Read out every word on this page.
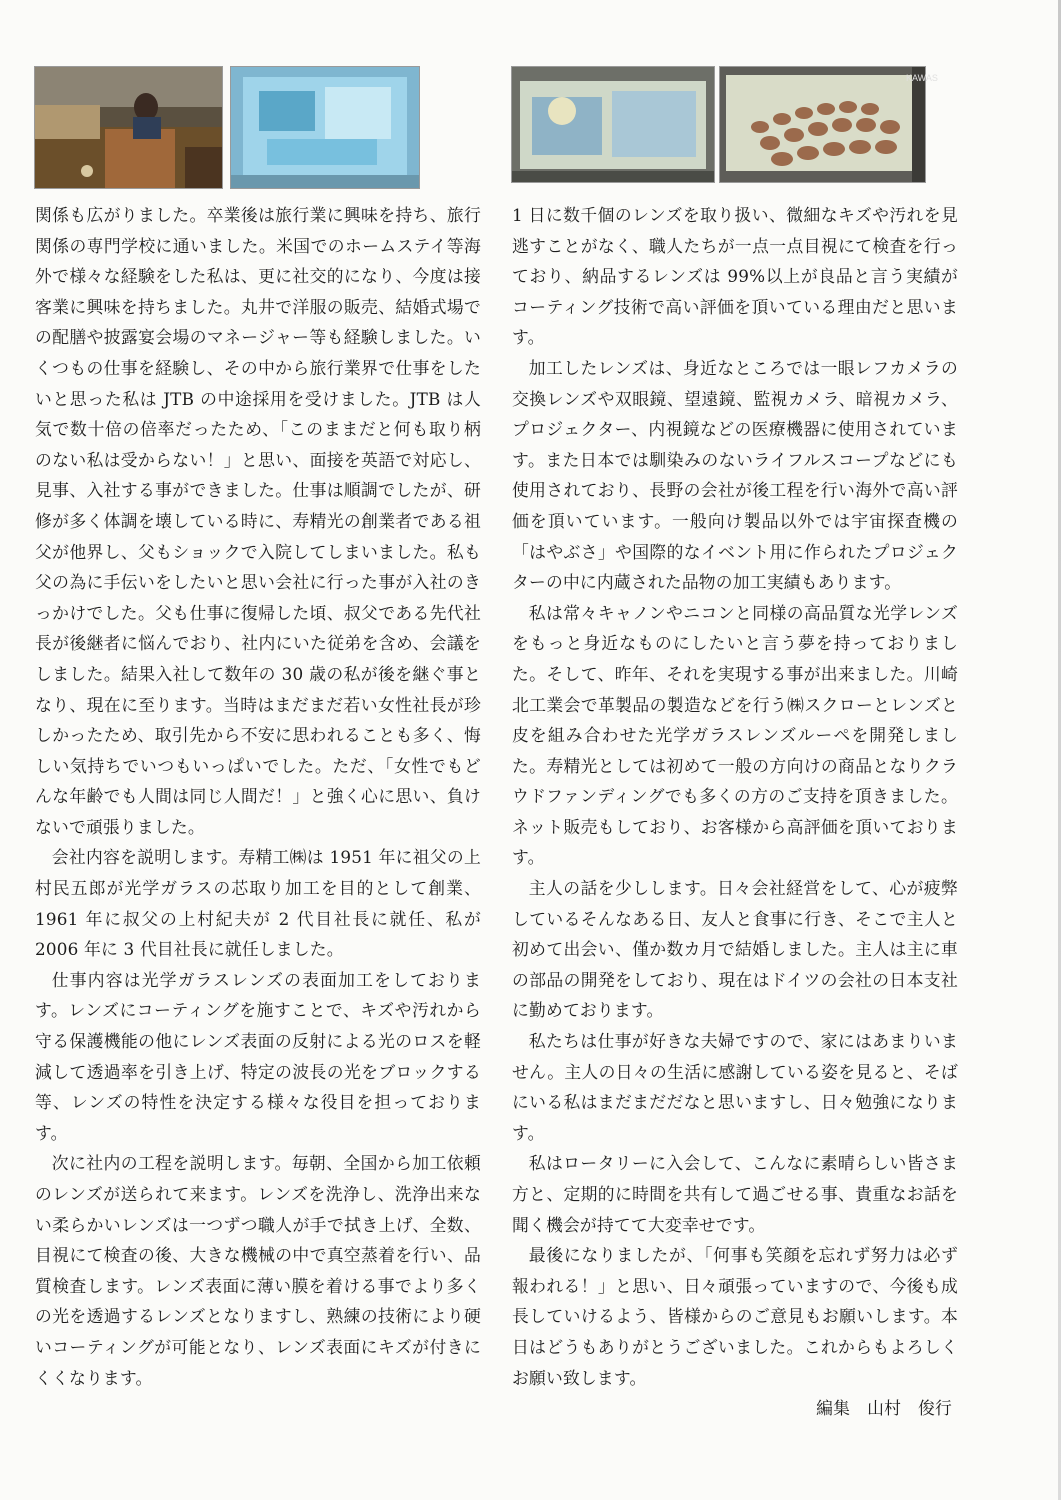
KAWAS

関係も広がりました。卒業後は旅行業に興味を持ち、旅行関係の専門学校に通いました。米国でのホームステイ等海外で様々な経験をした私は、更に社交的になり、今度は接客業に興味を持ちました。丸井で洋服の販売、結婚式場での配膳や披露宴会場のマネージャー等も経験しました。いくつもの仕事を経験し、その中から旅行業界で仕事をしたいと思った私は JTB の中途採用を受けました。JTB は人気で数十倍の倍率だったため、「このままだと何も取り柄のない私は受からない！」と思い、面接を英語で対応し、見事、入社する事ができました。仕事は順調でしたが、研修が多く体調を壊している時に、寿精光の創業者である祖父が他界し、父もショックで入院してしまいました。私も父の為に手伝いをしたいと思い会社に行った事が入社のきっかけでした。父も仕事に復帰した頃、叔父である先代社長が後継者に悩んでおり、社内にいた従弟を含め、会議をしました。結果入社して数年の 30 歳の私が後を継ぐ事となり、現在に至ります。当時はまだまだ若い女性社長が珍しかったため、取引先から不安に思われることも多く、悔しい気持ちでいつもいっぱいでした。ただ、「女性でもどんな年齢でも人間は同じ人間だ！」と強く心に思い、負けないで頑張りました。

会社内容を説明します。寿精工㈱は 1951 年に祖父の上村民五郎が光学ガラスの芯取り加工を目的として創業、1961 年に叔父の上村紀夫が 2 代目社長に就任、私が 2006 年に 3 代目社長に就任しました。

仕事内容は光学ガラスレンズの表面加工をしております。レンズにコーティングを施すことで、キズや汚れから守る保護機能の他にレンズ表面の反射による光のロスを軽減して透過率を引き上げ、特定の波長の光をブロックする等、レンズの特性を決定する様々な役目を担っております。

次に社内の工程を説明します。毎朝、全国から加工依頼のレンズが送られて来ます。レンズを洗浄し、洗浄出来ない柔らかいレンズは一つずつ職人が手で拭き上げ、全数、目視にて検査の後、大きな機械の中で真空蒸着を行い、品質検査します。レンズ表面に薄い膜を着ける事でより多くの光を透過するレンズとなりますし、熟練の技術により硬いコーティングが可能となり、レンズ表面にキズが付きにくくなります。

1 日に数千個のレンズを取り扱い、微細なキズや汚れを見逃すことがなく、職人たちが一点一点目視にて検査を行っており、納品するレンズは 99%以上が良品と言う実績がコーティング技術で高い評価を頂いている理由だと思います。

加工したレンズは、身近なところでは一眼レフカメラの交換レンズや双眼鏡、望遠鏡、監視カメラ、暗視カメラ、プロジェクター、内視鏡などの医療機器に使用されています。また日本では馴染みのないライフルスコープなどにも使用されており、長野の会社が後工程を行い海外で高い評価を頂いています。一般向け製品以外では宇宙探査機の「はやぶさ」や国際的なイベント用に作られたプロジェクターの中に内蔵された品物の加工実績もあります。

私は常々キャノンやニコンと同様の高品質な光学レンズをもっと身近なものにしたいと言う夢を持っておりました。そして、昨年、それを実現する事が出来ました。川崎北工業会で革製品の製造などを行う㈱スクローとレンズと皮を組み合わせた光学ガラスレンズルーペを開発しました。寿精光としては初めて一般の方向けの商品となりクラウドファンディングでも多くの方のご支持を頂きました。ネット販売もしており、お客様から高評価を頂いております。

主人の話を少しします。日々会社経営をして、心が疲弊しているそんなある日、友人と食事に行き、そこで主人と初めて出会い、僅か数カ月で結婚しました。主人は主に車の部品の開発をしており、現在はドイツの会社の日本支社に勤めております。

私たちは仕事が好きな夫婦ですので、家にはあまりいません。主人の日々の生活に感謝している姿を見ると、そばにいる私はまだまだだなと思いますし、日々勉強になります。

私はロータリーに入会して、こんなに素晴らしい皆さま方と、定期的に時間を共有して過ごせる事、貴重なお話を聞く機会が持てて大変幸せです。

最後になりましたが、「何事も笑顔を忘れず努力は必ず報われる！」と思い、日々頑張っていますので、今後も成長していけるよう、皆様からのご意見もお願いします。本日はどうもありがとうございました。これからもよろしくお願い致します。

編集　山村　俊行
